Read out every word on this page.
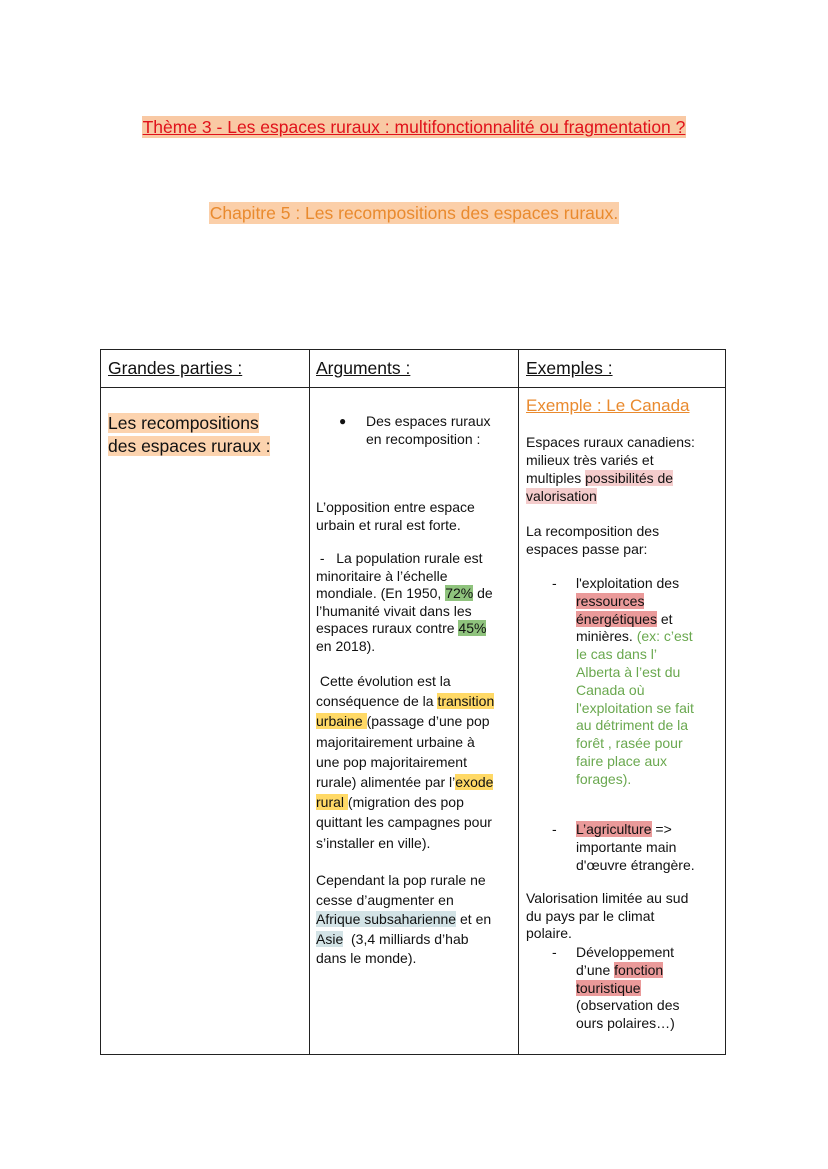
Thème 3 - Les espaces ruraux : multifonctionnalité ou fragmentation ?
Chapitre 5 : Les recompositions des espaces ruraux.
Grandes parties :	Arguments :	Exemples :
Les recompositions
des espaces ruraux :
● Des espaces ruraux
en recomposition :
L’opposition entre espace
urbain et rural est forte.
-   La population rurale est
minoritaire à l’échelle
mondiale. (En 1950, 72% de
l’humanité vivait dans les
espaces ruraux contre 45%
en 2018).
Cette évolution est la
conséquence de la transition
urbaine (passage d’une pop
majoritairement urbaine à
une pop majoritairement
rurale) alimentée par l’exode
rural (migration des pop
quittant les campagnes pour
s’installer en ville).
Cependant la pop rurale ne
cesse d’augmenter en
Afrique subsaharienne et en
Asie  (3,4 milliards d’hab
dans le monde).
Exemple : Le Canada
Espaces ruraux canadiens:
milieux très variés et
multiples possibilités de
valorisation
La recomposition des
espaces passe par:
- l'exploitation des
ressources
énergétiques et
minières. (ex: c’est
le cas dans l’
Alberta à l’est du
Canada où
l'exploitation se fait
au détriment de la
forêt , rasée pour
faire place aux
forages).
- L’agriculture =>
importante main
d'œuvre étrangère.
Valorisation limitée au sud
du pays par le climat
polaire.
- Développement
d’une fonction
touristique
(observation des
ours polaires…)
